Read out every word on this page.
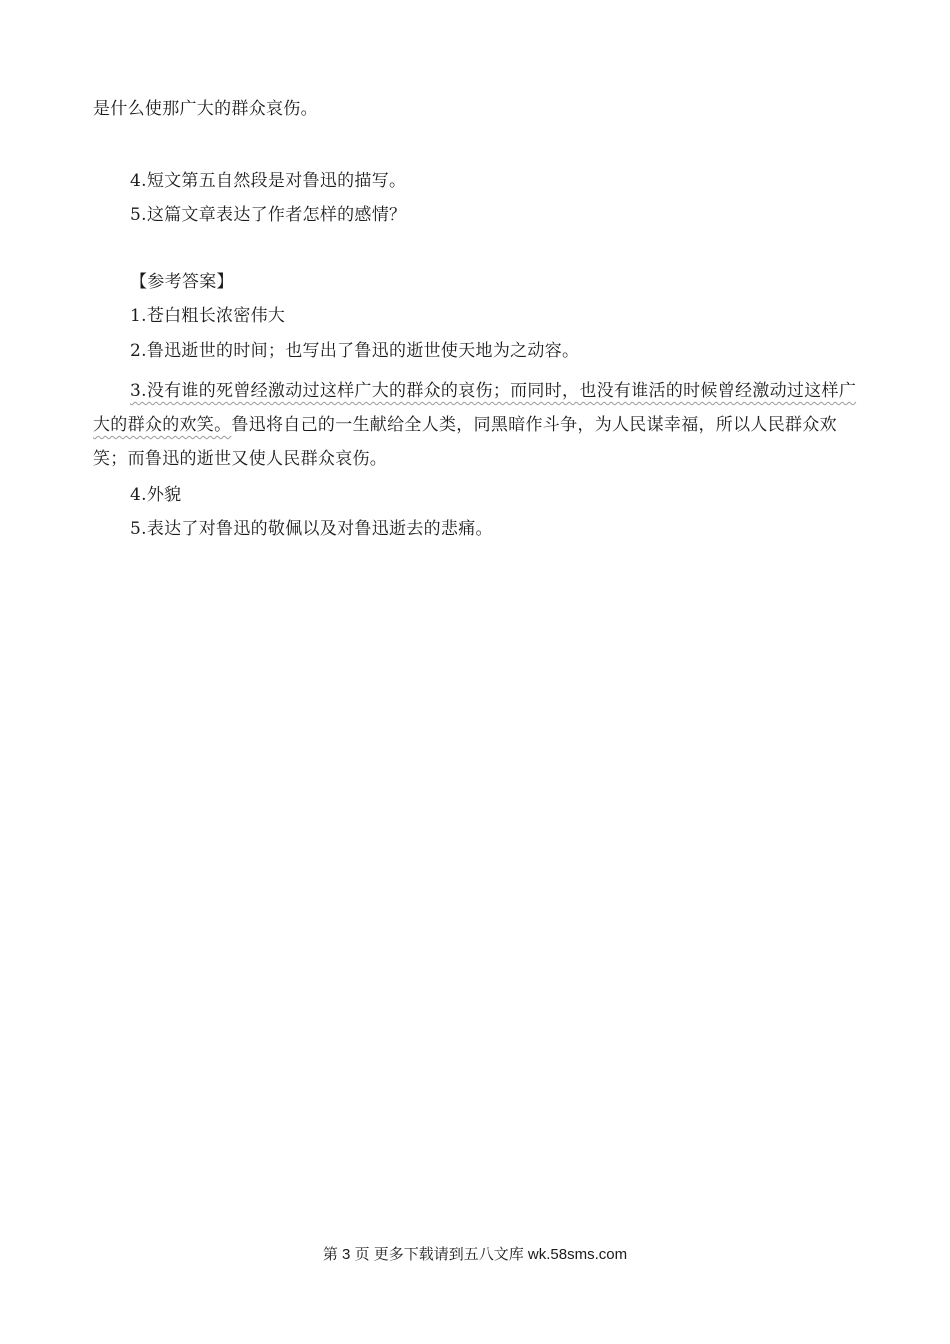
是什么使那广大的群众哀伤。
4.短文第五自然段是对鲁迅的描写。
5.这篇文章表达了作者怎样的感情？
【参考答案】
1.苍白粗长浓密伟大
2.鲁迅逝世的时间；也写出了鲁迅的逝世使天地为之动容。
3.没有谁的死曾经激动过这样广大的群众的哀伤；而同时，也没有谁活的时候曾经激动过这样广大的群众的欢笑。鲁迅将自己的一生献给全人类，同黑暗作斗争，为人民谋幸福，所以人民群众欢笑；而鲁迅的逝世又使人民群众哀伤。
4.外貌
5.表达了对鲁迅的敬佩以及对鲁迅逝去的悲痛。
第 3 页 更多下载请到五八文库 wk.58sms.com
